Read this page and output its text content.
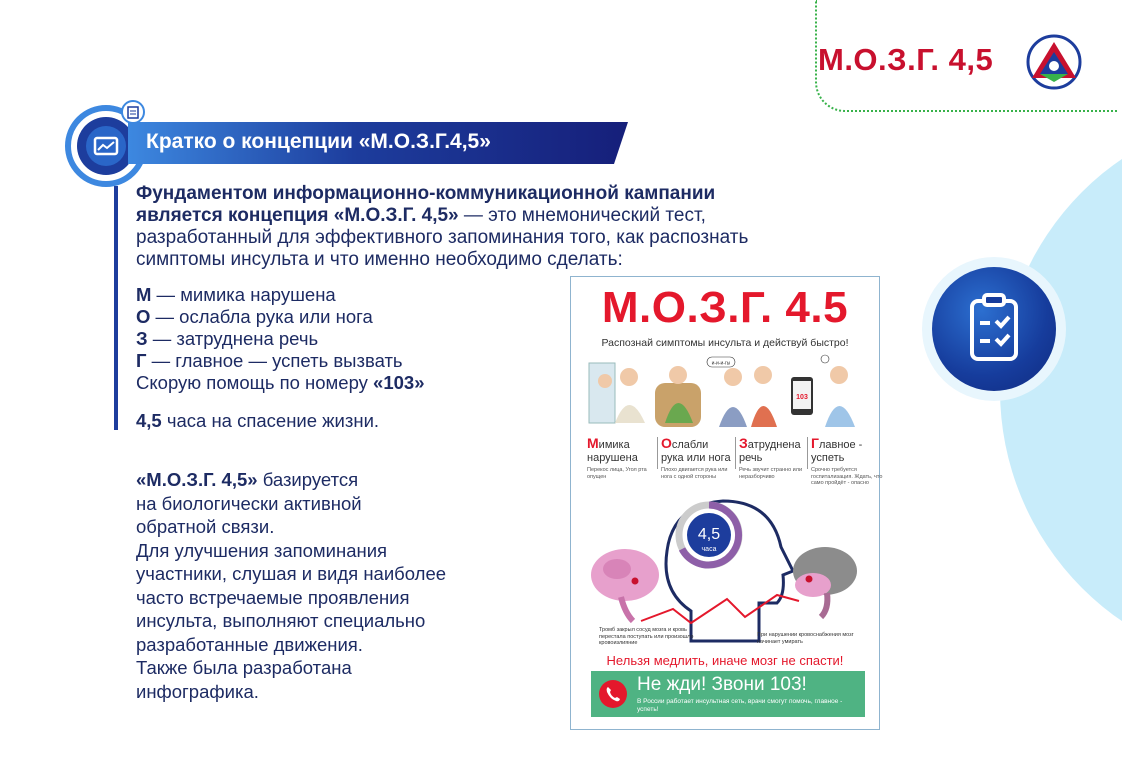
М.О.З.Г. 4,5
Кратко о концепции «М.О.З.Г.4,5»
Фундаментом информационно-коммуникационной кампании является концепция «М.О.З.Г. 4,5» — это мнемонический тест, разработанный для эффективного запоминания того, как распознать симптомы инсульта и что именно необходимо сделать:
М — мимика нарушена
О — ослабла рука или нога
З — затруднена речь
Г — главное — успеть вызвать
Скорую помощь по номеру «103»
4,5 часа на спасение жизни.
«М.О.З.Г. 4,5» базируется
на биологически активной
обратной связи.
Для улучшения запоминания
участники, слушая и видя наиболее
часто встречаемые проявления
инсульта, выполняют специально
разработанные движения.
Также была разработана
инфографика.
М.О.З.Г. 4.5
Распознай симптомы инсульта и действуй быстро!
и-и-и-гы
103
Мимика
нарушена
Ослабли
рука или нога
Затруднена
речь
Главное -
успеть
Перекос лица, Угол рта опущен
Плохо двигается рука или нога с одной стороны
Речь звучит странно или неразборчиво
Срочно требуется госпитализация. Ждать, что само пройдёт - опасно
4,5
часа
Тромб закрыл сосуд мозга и кровь перестала поступать или произошло кровоизлияние
При нарушении кровоснабжения мозг начинает умирать
Нельзя медлить, иначе мозг не спасти!
Не жди! Звони 103!
В России работает инсультная сеть, врачи смогут помочь, главное - успеть!
